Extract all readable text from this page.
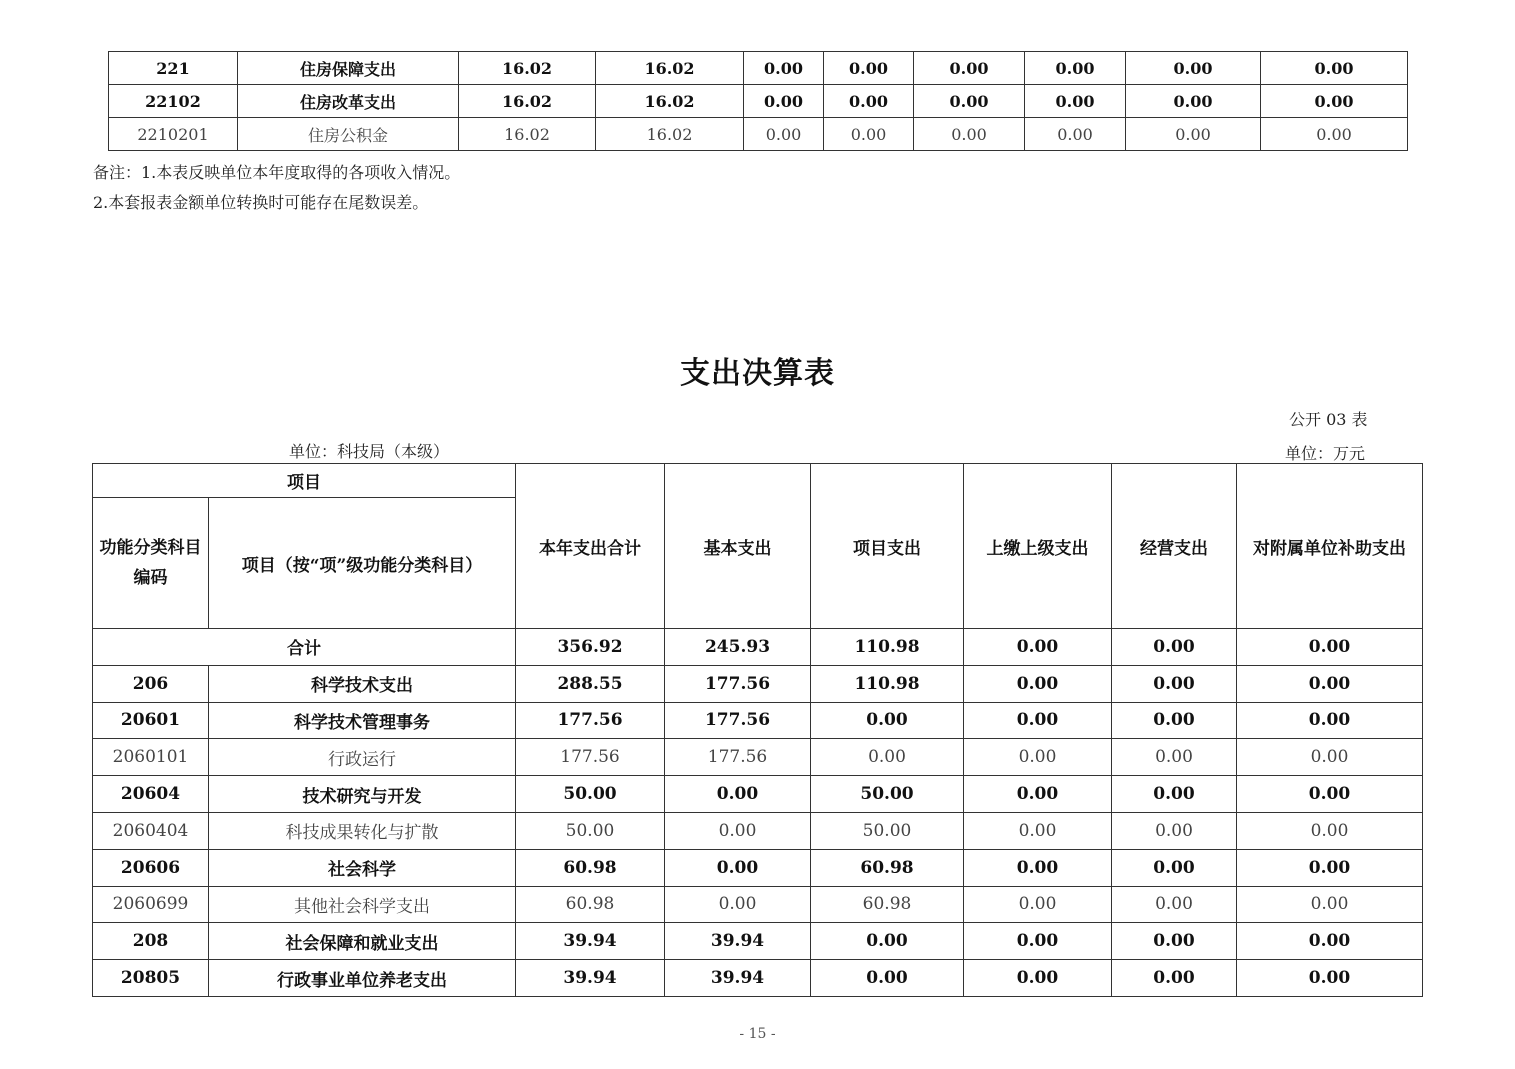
221	住房保障支出	16.02	16.02	0.00	0.00	0.00	0.00	0.00	0.00
22102	住房改革支出	16.02	16.02	0.00	0.00	0.00	0.00	0.00	0.00
2210201	住房公积金	16.02	16.02	0.00	0.00	0.00	0.00	0.00	0.00
备注：1.本表反映单位本年度取得的各项收入情况。
2.本套报表金额单位转换时可能存在尾数误差。
支出决算表
公开 03 表
单位：科技局（本级）	单位：万元
项目		本年支出合计	基本支出	项目支出	上缴上级支出	经营支出	对附属单位补助支出

功能分类科目
编码	项目（按“项”级功能分类科目）						
合计		356.92	245.93	110.98	0.00	0.00	0.00
206	科学技术支出	288.55	177.56	110.98	0.00	0.00	0.00
20601	科学技术管理事务	177.56	177.56	0.00	0.00	0.00	0.00
2060101	行政运行	177.56	177.56	0.00	0.00	0.00	0.00
20604	技术研究与开发	50.00	0.00	50.00	0.00	0.00	0.00
2060404	科技成果转化与扩散	50.00	0.00	50.00	0.00	0.00	0.00
20606	社会科学	60.98	0.00	60.98	0.00	0.00	0.00
2060699	其他社会科学支出	60.98	0.00	60.98	0.00	0.00	0.00
208	社会保障和就业支出	39.94	39.94	0.00	0.00	0.00	0.00
20805	行政事业单位养老支出	39.94	39.94	0.00	0.00	0.00	0.00
- 15 -
